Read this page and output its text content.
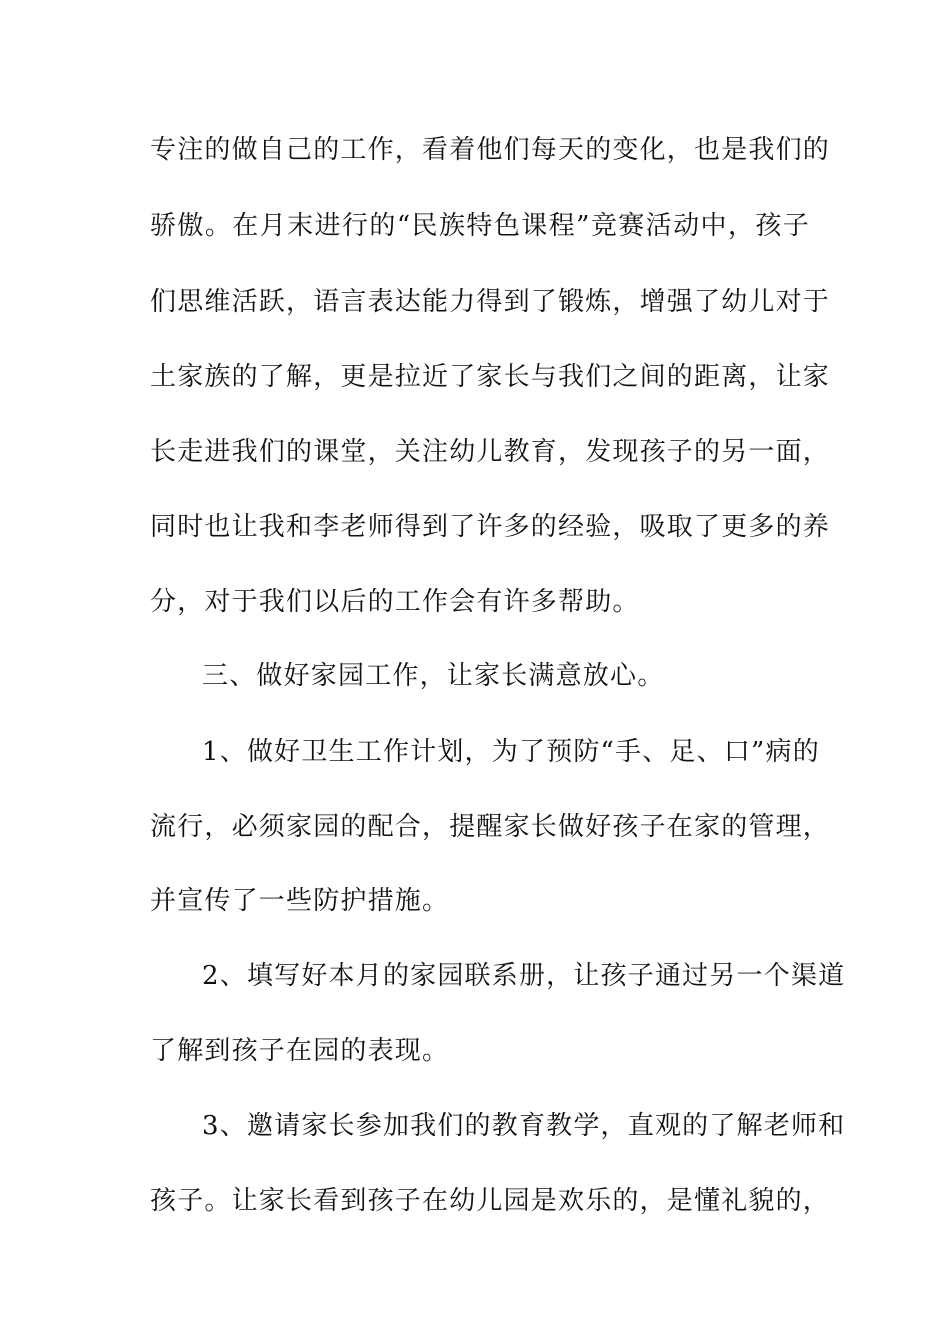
专注的做自己的工作，看着他们每天的变化，也是我们的
骄傲。在月末进行的“民族特色课程”竞赛活动中，孩子
们思维活跃，语言表达能力得到了锻炼，增强了幼儿对于
土家族的了解，更是拉近了家长与我们之间的距离，让家
长走进我们的课堂，关注幼儿教育，发现孩子的另一面，
同时也让我和李老师得到了许多的经验，吸取了更多的养
分，对于我们以后的工作会有许多帮助。
三、做好家园工作，让家长满意放心。
1、做好卫生工作计划，为了预防“手、足、口”病的
流行，必须家园的配合，提醒家长做好孩子在家的管理，
并宣传了一些防护措施。
2、填写好本月的家园联系册，让孩子通过另一个渠道
了解到孩子在园的表现。
3、邀请家长参加我们的教育教学，直观的了解老师和
孩子。让家长看到孩子在幼儿园是欢乐的，是懂礼貌的，
